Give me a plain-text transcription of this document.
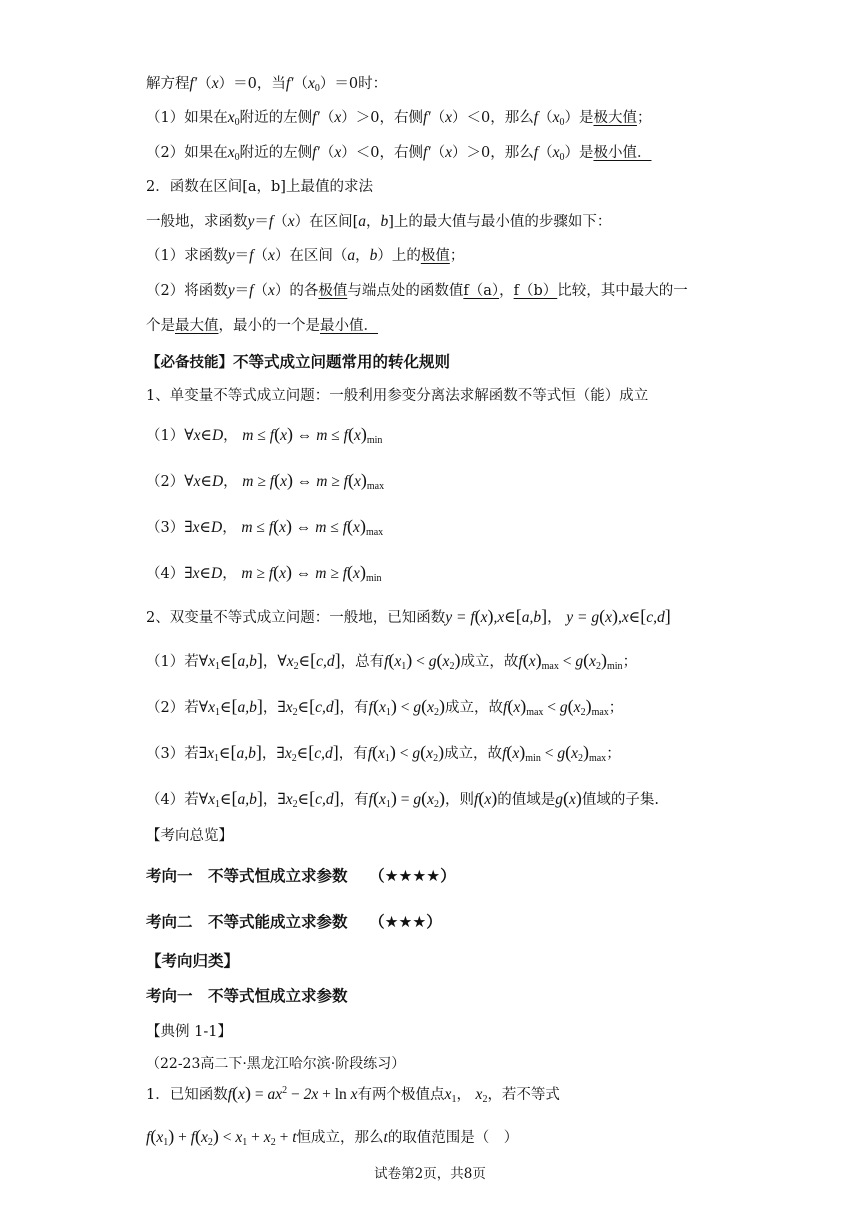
解方程f′（x）＝0，当f′（x0）＝0时：
（1）如果在x0附近的左侧f′（x）＞0，右侧f′（x）＜0，那么f（x0）是极大值；
（2）如果在x0附近的左侧f′（x）＜0，右侧f′（x）＞0，那么f（x0）是极小值．
2．函数在区间[a，b]上最值的求法
一般地，求函数y＝f（x）在区间[a，b]上的最大值与最小值的步骤如下：
（1）求函数y＝f（x）在区间（a，b）上的极值；
（2）将函数y＝f（x）的各极值与端点处的函数值f（a），f（b）比较，其中最大的一
个是最大值，最小的一个是最小值．
【必备技能】不等式成立问题常用的转化规则
1、单变量不等式成立问题：一般利用参变分离法求解函数不等式恒（能）成立
（1）∀x∈D， m ≤ f(x) ⇔ m ≤ f(x)min
（2）∀x∈D， m ≥ f(x) ⇔ m ≥ f(x)max
（3）∃x∈D， m ≤ f(x) ⇔ m ≤ f(x)max
（4）∃x∈D， m ≥ f(x) ⇔ m ≥ f(x)min
2、双变量不等式成立问题：一般地，已知函数y = f(x),x∈[a,b]， y = g(x),x∈[c,d]
（1）若∀x1∈[a,b]，∀x2∈[c,d]，总有f(x1) < g(x2)成立，故f(x)max < g(x2)min；
（2）若∀x1∈[a,b]，∃x2∈[c,d]，有f(x1) < g(x2)成立，故f(x)max < g(x2)max；
（3）若∃x1∈[a,b]，∃x2∈[c,d]，有f(x1) < g(x2)成立，故f(x)min < g(x2)max；
（4）若∀x1∈[a,b]，∃x2∈[c,d]，有f(x1) = g(x2)，则f(x)的值域是g(x)值域的子集.
【考向总览】
考向一　不等式恒成立求参数 （★★★★）
考向二　不等式能成立求参数 （★★★）
【考向归类】
考向一　不等式恒成立求参数
【典例 1-1】
（22-23高二下·黑龙江哈尔滨·阶段练习）
试卷第2页，共8页
1．已知函数$f(x) = ax^2 - 2x + \ln x$有两个极值点x1， x2，若不等式
f(x1) + f(x2) < x1 + x2 + t恒成立，那么t的取值范围是（　）
